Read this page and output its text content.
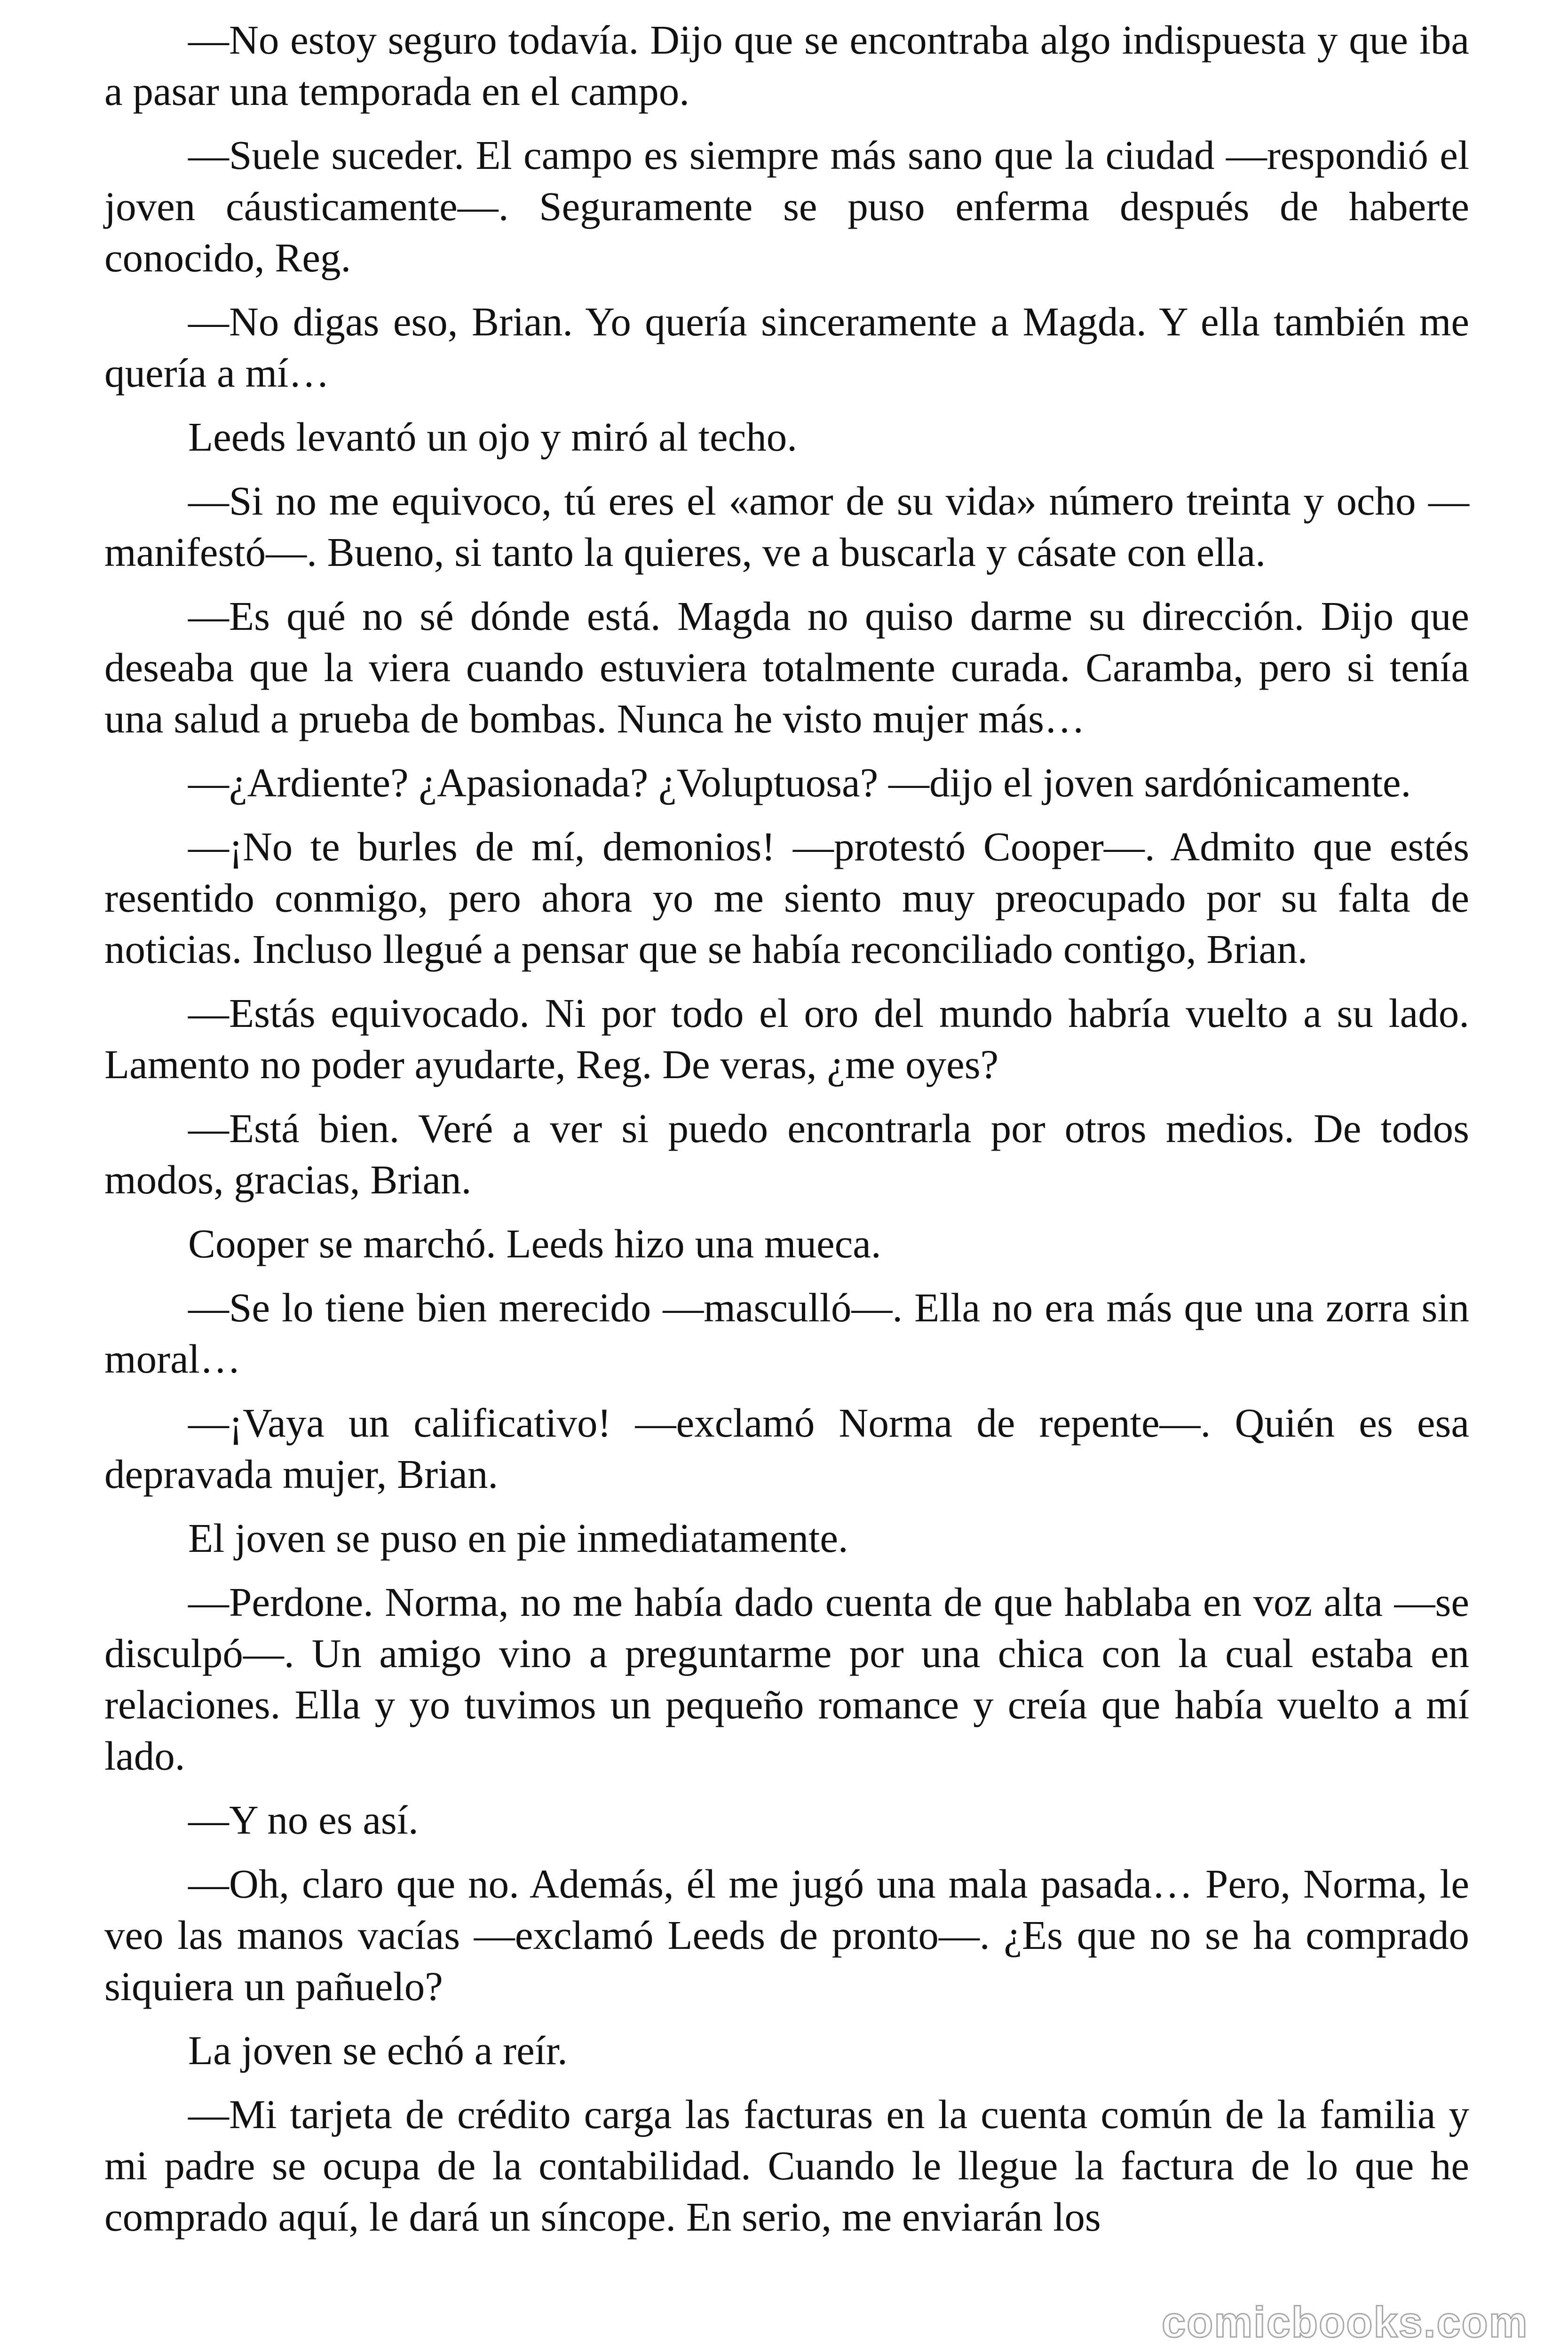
—No estoy seguro todavía. Dijo que se encontraba algo indispuesta y que iba a pasar una temporada en el campo.

—Suele suceder. El campo es siempre más sano que la ciudad —respondió el joven cáusticamente—. Seguramente se puso enferma después de haberte conocido, Reg.

—No digas eso, Brian. Yo quería sinceramente a Magda. Y ella también me quería a mí…

Leeds levantó un ojo y miró al techo.

—Si no me equivoco, tú eres el «amor de su vida» número treinta y ocho —manifestó—. Bueno, si tanto la quieres, ve a buscarla y cásate con ella.

—Es qué no sé dónde está. Magda no quiso darme su dirección. Dijo que deseaba que la viera cuando estuviera totalmente curada. Caramba, pero si tenía una salud a prueba de bombas. Nunca he visto mujer más…

—¿Ardiente? ¿Apasionada? ¿Voluptuosa? —dijo el joven sardónicamente.

—¡No te burles de mí, demonios! —protestó Cooper—. Admito que estés resentido conmigo, pero ahora yo me siento muy preocupado por su falta de noticias. Incluso llegué a pensar que se había reconciliado contigo, Brian.

—Estás equivocado. Ni por todo el oro del mundo habría vuelto a su lado. Lamento no poder ayudarte, Reg. De veras, ¿me oyes?

—Está bien. Veré a ver si puedo encontrarla por otros medios. De todos modos, gracias, Brian.

Cooper se marchó. Leeds hizo una mueca.

—Se lo tiene bien merecido —masculló—. Ella no era más que una zorra sin moral…

—¡Vaya un calificativo! —exclamó Norma de repente—. Quién es esa depravada mujer, Brian.

El joven se puso en pie inmediatamente.

—Perdone. Norma, no me había dado cuenta de que hablaba en voz alta —se disculpó—. Un amigo vino a preguntarme por una chica con la cual estaba en relaciones. Ella y yo tuvimos un pequeño romance y creía que había vuelto a mí lado.

—Y no es así.

—Oh, claro que no. Además, él me jugó una mala pasada… Pero, Norma, le veo las manos vacías —exclamó Leeds de pronto—. ¿Es que no se ha comprado siquiera un pañuelo?

La joven se echó a reír.

—Mi tarjeta de crédito carga las facturas en la cuenta común de la familia y mi padre se ocupa de la contabilidad. Cuando le llegue la factura de lo que he comprado aquí, le dará un síncope. En serio, me enviarán los

comicbooks.com
